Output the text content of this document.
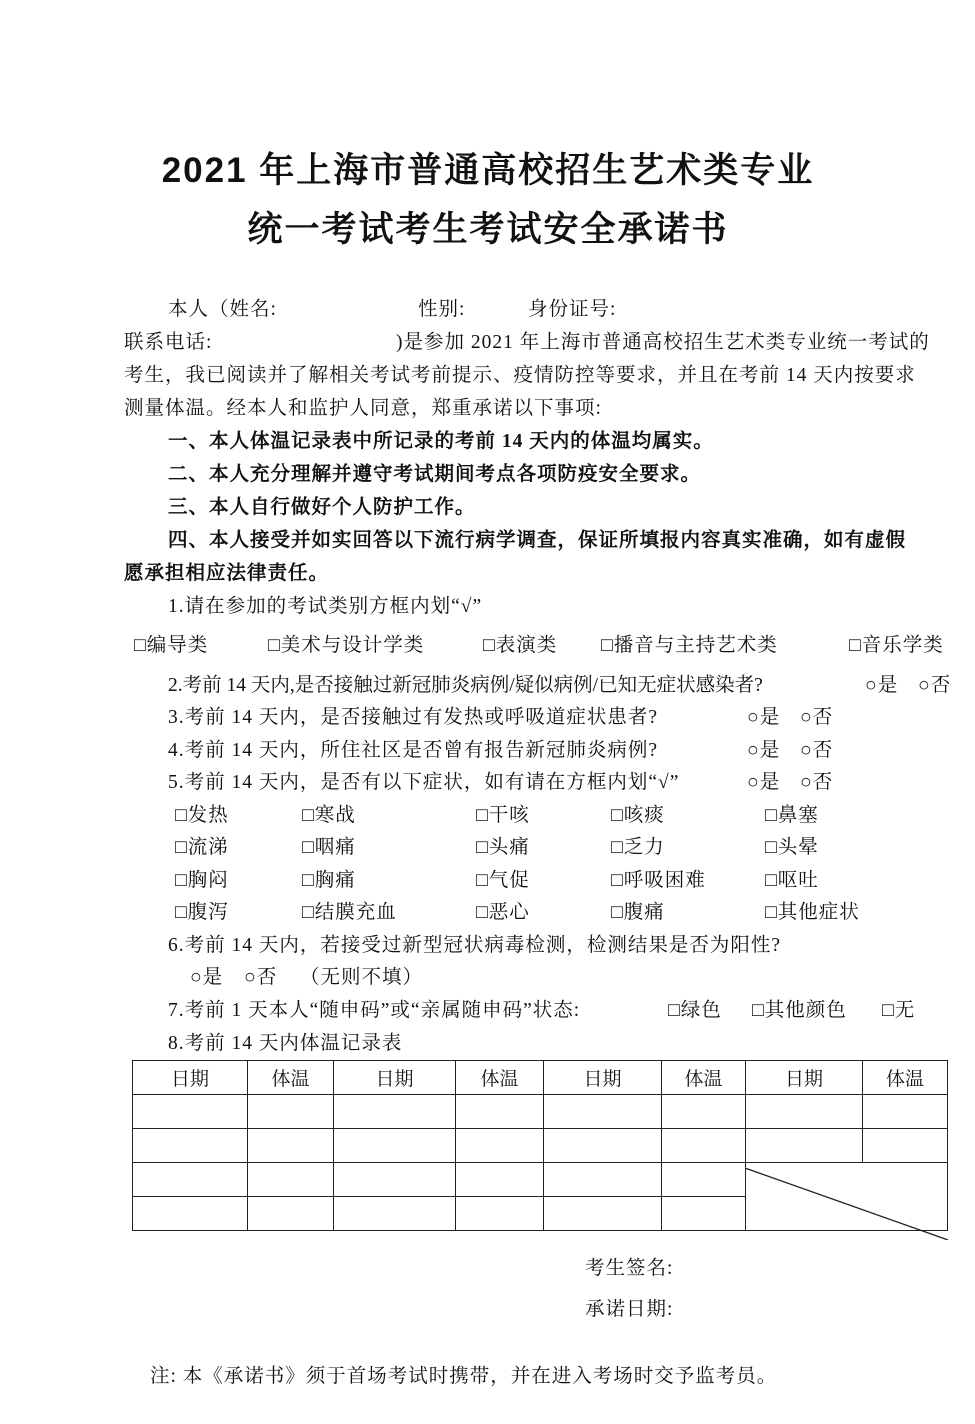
2021 年上海市普通高校招生艺术类专业
统一考试考生考试安全承诺书
本人（姓名:	性别:	身份证号:
联系电话:	)是参加 2021 年上海市普通高校招生艺术类专业统一考试的
考生，我已阅读并了解相关考试考前提示、疫情防控等要求，并且在考前 14 天内按要求
测量体温。经本人和监护人同意，郑重承诺以下事项:
一、本人体温记录表中所记录的考前 14 天内的体温均属实。
二、本人充分理解并遵守考试期间考点各项防疫安全要求。
三、本人自行做好个人防护工作。
四、本人接受并如实回答以下流行病学调查，保证所填报内容真实准确，如有虚假
愿承担相应法律责任。
1.请在参加的考试类别方框内划“√”
□编导类	□美术与设计学类	□表演类 □播音与主持艺术类	□音乐学类
2.考前 14 天内,是否接触过新冠肺炎病例/疑似病例/已知无症状感染者?	○是 ○否
3.考前 14 天内，是否接触过有发热或呼吸道症状患者?	○是 ○否
4.考前 14 天内，所住社区是否曾有报告新冠肺炎病例?	○是 ○否
5.考前 14 天内，是否有以下症状，如有请在方框内划“√”	○是 ○否
□发热	□寒战	□干咳	□咳痰	□鼻塞
□流涕	□咽痛	□头痛	□乏力	□头晕
□胸闷	□胸痛	□气促	□呼吸困难	□呕吐
□腹泻	□结膜充血	□恶心	□腹痛	□其他症状
6.考前 14 天内，若接受过新型冠状病毒检测，检测结果是否为阳性?
○是 ○否 （无则不填）
7.考前 1 天本人“随申码”或“亲属随申码”状态:	□绿色 □其他颜色 □无
8.考前 14 天内体温记录表
日期	体温	日期	体温	日期	体温	日期	体温

考生签名:
承诺日期:
注: 本《承诺书》须于首场考试时携带，并在进入考场时交予监考员。
